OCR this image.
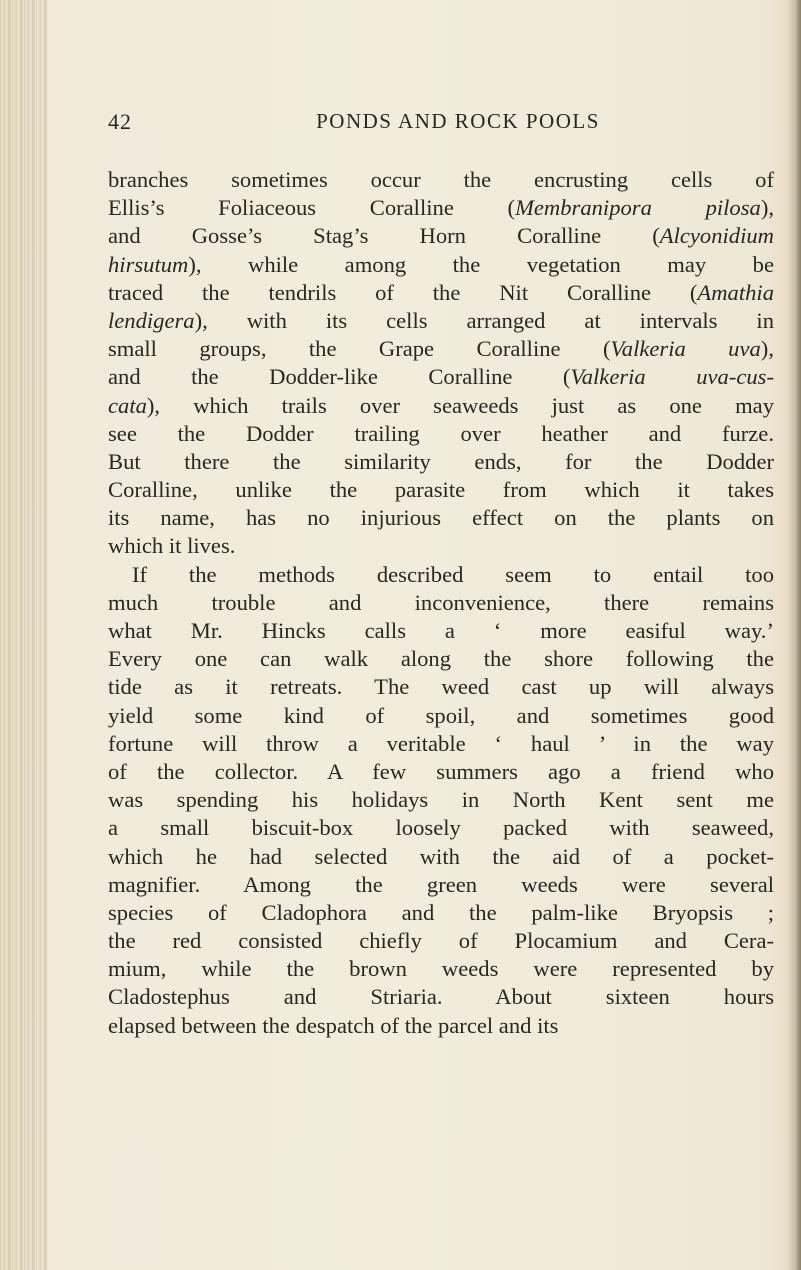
42	PONDS AND ROCK POOLS
branches sometimes occur the encrusting cells of
Ellis’s Foliaceous Coralline (Membranipora pilosa),
and Gosse’s Stag’s Horn Coralline (Alcyonidium
hirsutum), while among the vegetation may be
traced the tendrils of the Nit Coralline (Amathia
lendigera), with its cells arranged at intervals in
small groups, the Grape Coralline (Valkeria uva),
and the Dodder-like Coralline (Valkeria uva-cus-
cata), which trails over seaweeds just as one may
see the Dodder trailing over heather and furze.
But there the similarity ends, for the Dodder
Coralline, unlike the parasite from which it takes
its name, has no injurious effect on the plants on
which it lives.
If the methods described seem to entail too
much trouble and inconvenience, there remains
what Mr. Hincks calls a ‘ more easiful way.’
Every one can walk along the shore following the
tide as it retreats. The weed cast up will always
yield some kind of spoil, and sometimes good
fortune will throw a veritable ‘ haul ’ in the way
of the collector. A few summers ago a friend who
was spending his holidays in North Kent sent me
a small biscuit-box loosely packed with seaweed,
which he had selected with the aid of a pocket-
magnifier. Among the green weeds were several
species of Cladophora and the palm-like Bryopsis ;
the red consisted chiefly of Plocamium and Cera-
mium, while the brown weeds were represented by
Cladostephus and Striaria. About sixteen hours
elapsed between the despatch of the parcel and its
